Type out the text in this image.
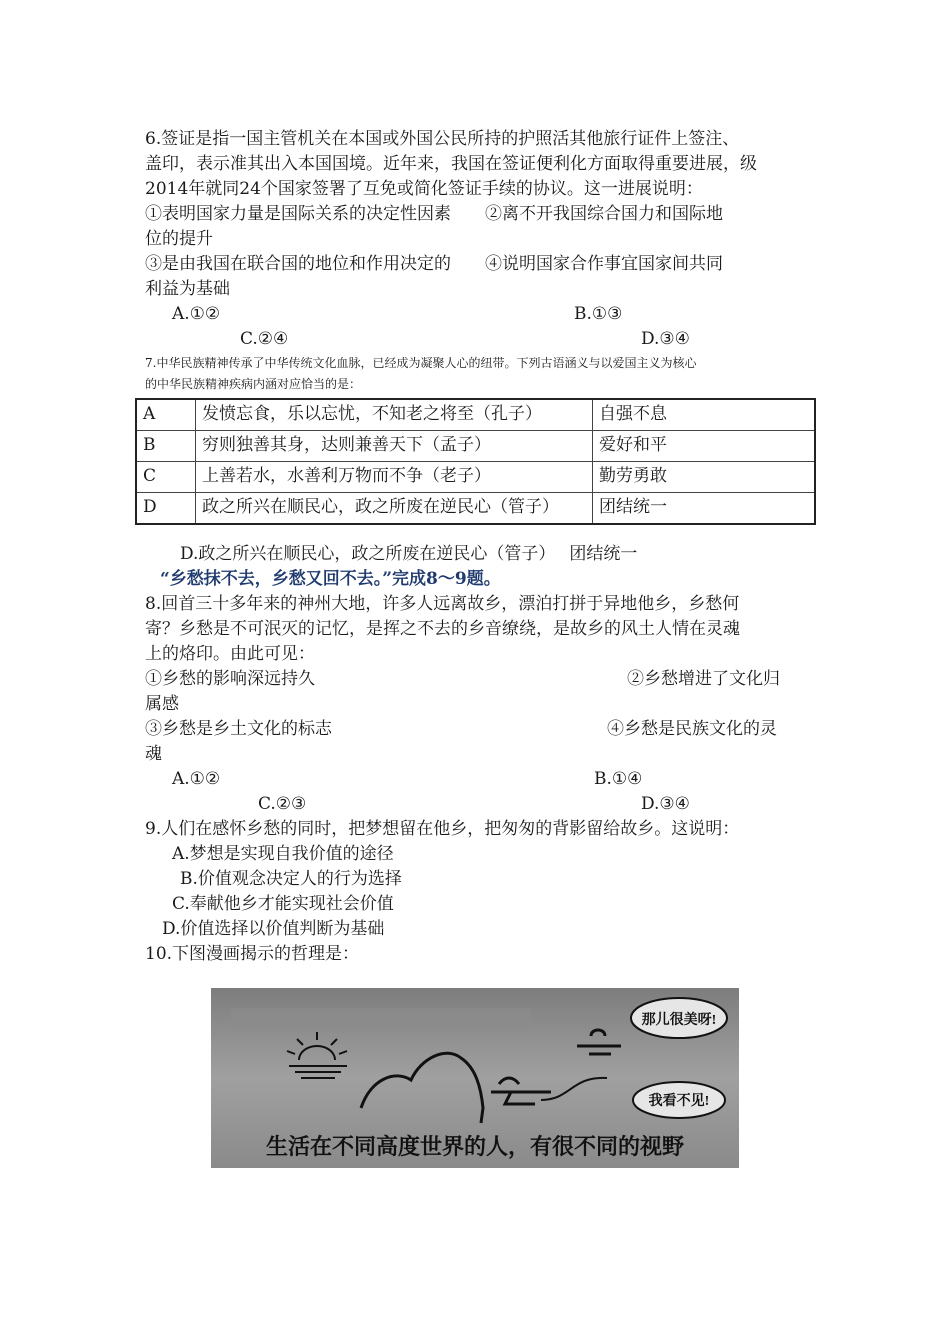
6.签证是指一国主管机关在本国或外国公民所持的护照活其他旅行证件上签注、
盖印，表示准其出入本国国境。近年来，我国在签证便利化方面取得重要进展，级
2014年就同24个国家签署了互免或简化签证手续的协议。这一进展说明：
①表明国家力量是国际关系的决定性因素　　②离不开我国综合国力和国际地
位的提升
③是由我国在联合国的地位和作用决定的　　④说明国家合作事宜国家间共同
利益为基础
A.①②	B.①③
C.②④	D.③④
7.中华民族精神传承了中华传统文化血脉，已经成为凝聚人心的纽带。下列古语涵义与以爱国主义为核心
的中华民族精神疾病内涵对应恰当的是：
A	发愤忘食，乐以忘忧，不知老之将至（孔子）	自强不息
B	穷则独善其身，达则兼善天下（孟子）	爱好和平
C	上善若水，水善利万物而不争（老子）	勤劳勇敢
D	政之所兴在顺民心，政之所废在逆民心（管子）	团结统一
D.政之所兴在顺民心，政之所废在逆民心（管子）　 团结统一
“乡愁抹不去，乡愁又回不去。”完成8～9题。
8.回首三十多年来的神州大地，许多人远离故乡，漂泊打拼于异地他乡，乡愁何
寄？乡愁是不可泯灭的记忆，是挥之不去的乡音缭绕，是故乡的风土人情在灵魂
上的烙印。由此可见：
①乡愁的影响深远持久	②乡愁增进了文化归
属感
③乡愁是乡土文化的标志	④乡愁是民族文化的灵
魂
A.①②	B.①④
C.②③	D.③④
9.人们在感怀乡愁的同时，把梦想留在他乡，把匆匆的背影留给故乡。这说明：
A.梦想是实现自我价值的途径
B.价值观念决定人的行为选择
C.奉献他乡才能实现社会价值
D.价值选择以价值判断为基础
10.下图漫画揭示的哲理是：
那儿很美呀!
我看不见!
生活在不同高度世界的人，有很不同的视野
